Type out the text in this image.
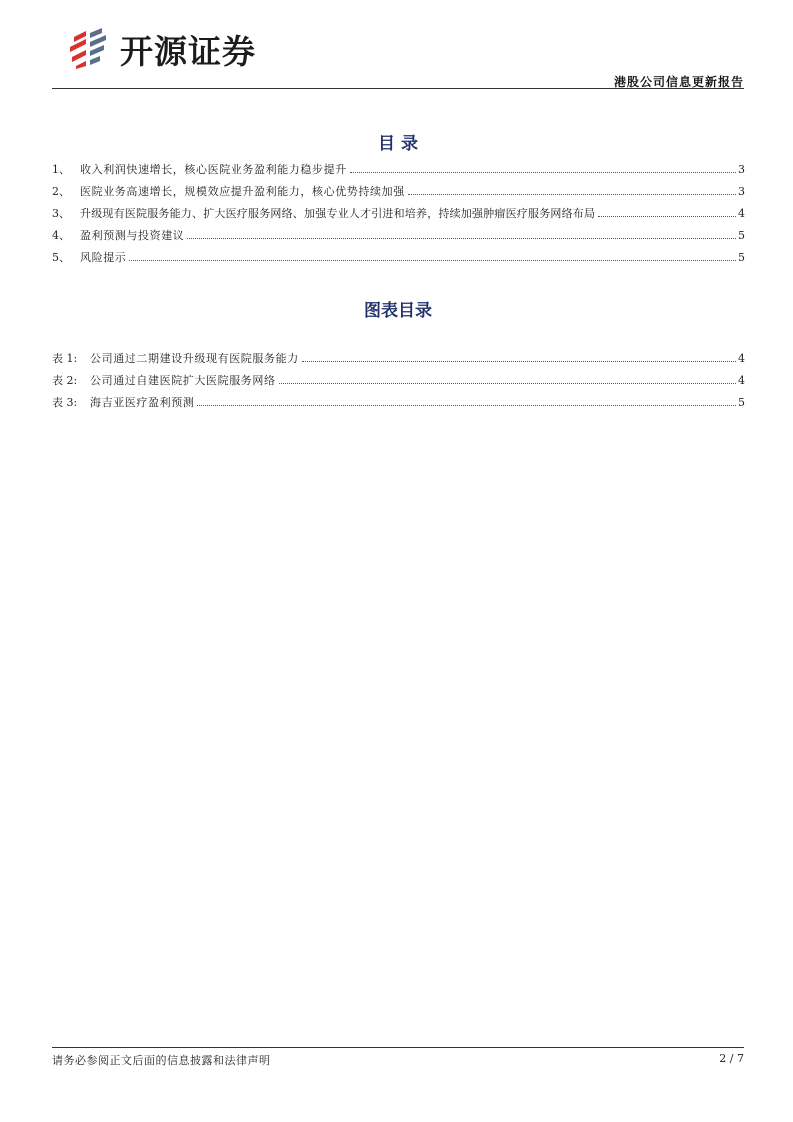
开源证券
港股公司信息更新报告
目 录
1、 收入利润快速增长，核心医院业务盈利能力稳步提升	3
2、 医院业务高速增长，规模效应提升盈利能力，核心优势持续加强	3
3、 升级现有医院服务能力、扩大医疗服务网络、加强专业人才引进和培养，持续加强肿瘤医疗服务网络布局	4
4、 盈利预测与投资建议	5
5、 风险提示	5
图表目录
表 1:	公司通过二期建设升级现有医院服务能力	4
表 2:	公司通过自建医院扩大医院服务网络	4
表 3:	海吉亚医疗盈利预测	5
请务必参阅正文后面的信息披露和法律声明	2 / 7
